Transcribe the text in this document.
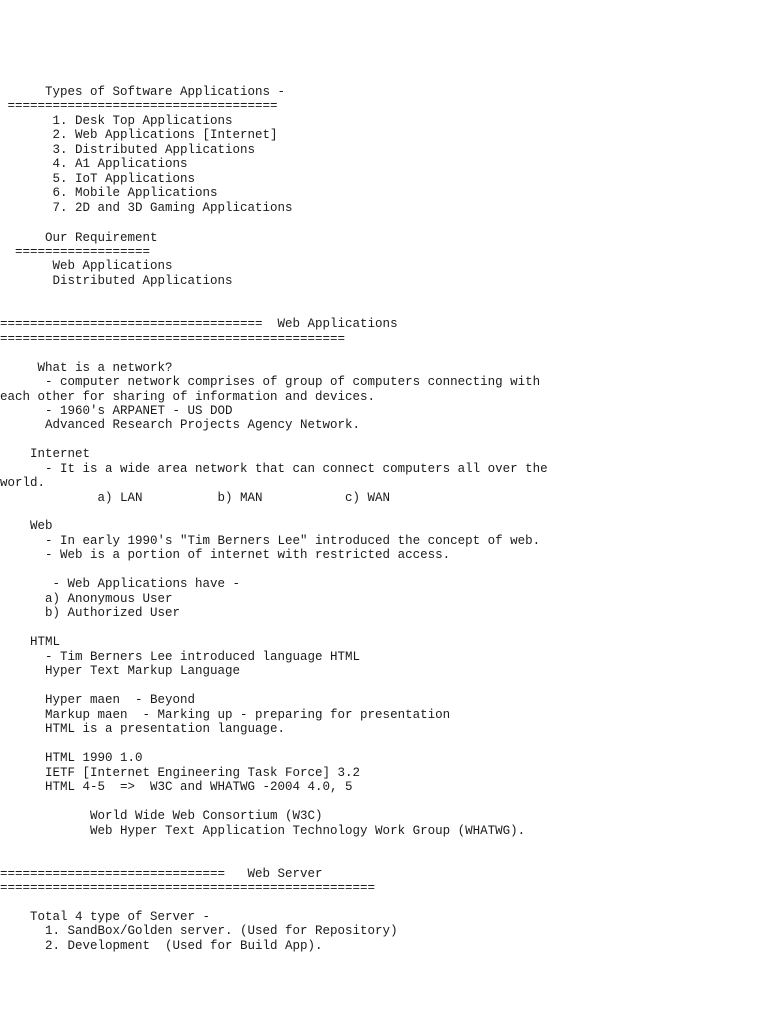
Types of Software Applications -
====================================
1. Desk Top Applications
2. Web Applications [Internet]
3. Distributed Applications
4. A1 Applications
5. IoT Applications
6. Mobile Applications
7. 2D and 3D Gaming Applications
Our Requirement
==================
Web Applications
Distributed Applications
===================================  Web Applications
==============================================
What is a network?
- computer network comprises of group of computers connecting with
each other for sharing of information and devices.
- 1960's ARPANET - US DOD
Advanced Research Projects Agency Network.
Internet
- It is a wide area network that can connect computers all over the
world.
a) LAN          b) MAN           c) WAN
Web
- In early 1990's "Tim Berners Lee" introduced the concept of web.
- Web is a portion of internet with restricted access.
- Web Applications have -
a) Anonymous User
b) Authorized User
HTML
- Tim Berners Lee introduced language HTML
Hyper Text Markup Language
Hyper maen  - Beyond
Markup maen  - Marking up - preparing for presentation
HTML is a presentation language.
HTML 1990 1.0
IETF [Internet Engineering Task Force] 3.2
HTML 4-5  =>  W3C and WHATWG -2004 4.0, 5
World Wide Web Consortium (W3C)
Web Hyper Text Application Technology Work Group (WHATWG).
==============================   Web Server
==================================================
Total 4 type of Server -
1. SandBox/Golden server. (Used for Repository)
2. Development  (Used for Build App).
